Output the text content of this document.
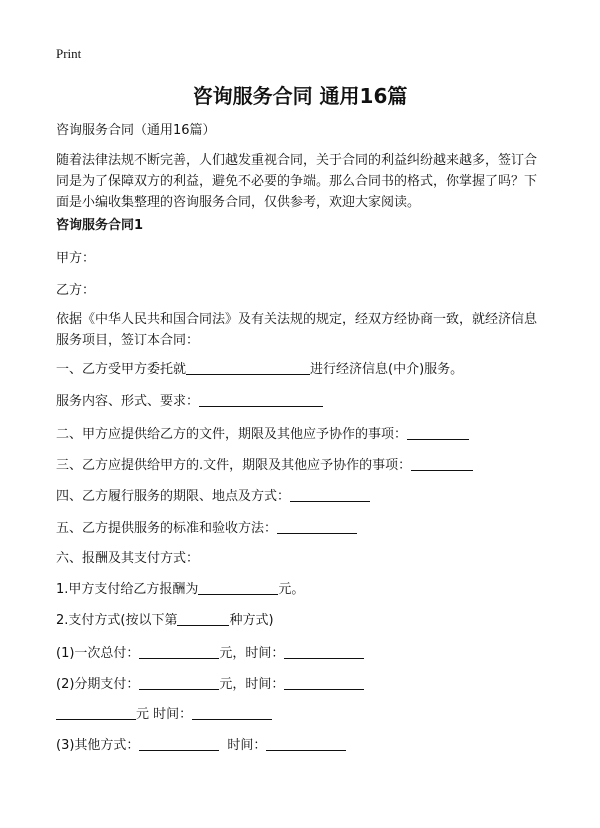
Print
咨询服务合同 通用16篇
咨询服务合同（通用16篇）
随着法律法规不断完善，人们越发重视合同，关于合同的利益纠纷越来越多，签订合同是为了保障双方的利益，避免不必要的争端。那么合同书的格式，你掌握了吗？下面是小编收集整理的咨询服务合同，仅供参考，欢迎大家阅读。
咨询服务合同1
甲方：
乙方：
依据《中华人民共和国合同法》及有关法规的规定，经双方经协商一致，就经济信息服务项目，签订本合同：
一、乙方受甲方委托就	进行经济信息(中介)服务。
服务内容、形式、要求：
二、甲方应提供给乙方的文件，期限及其他应予协作的事项：
三、乙方应提供给甲方的.文件，期限及其他应予协作的事项：
四、乙方履行服务的期限、地点及方式：
五、乙方提供服务的标准和验收方法：
六、报酬及其支付方式：
1.甲方支付给乙方报酬为	元。
2.支付方式(按以下第	种方式)
(1)一次总付：	元，时间：
(2)分期支付：	元，时间：
元 时间：
(3)其他方式：	时间：
